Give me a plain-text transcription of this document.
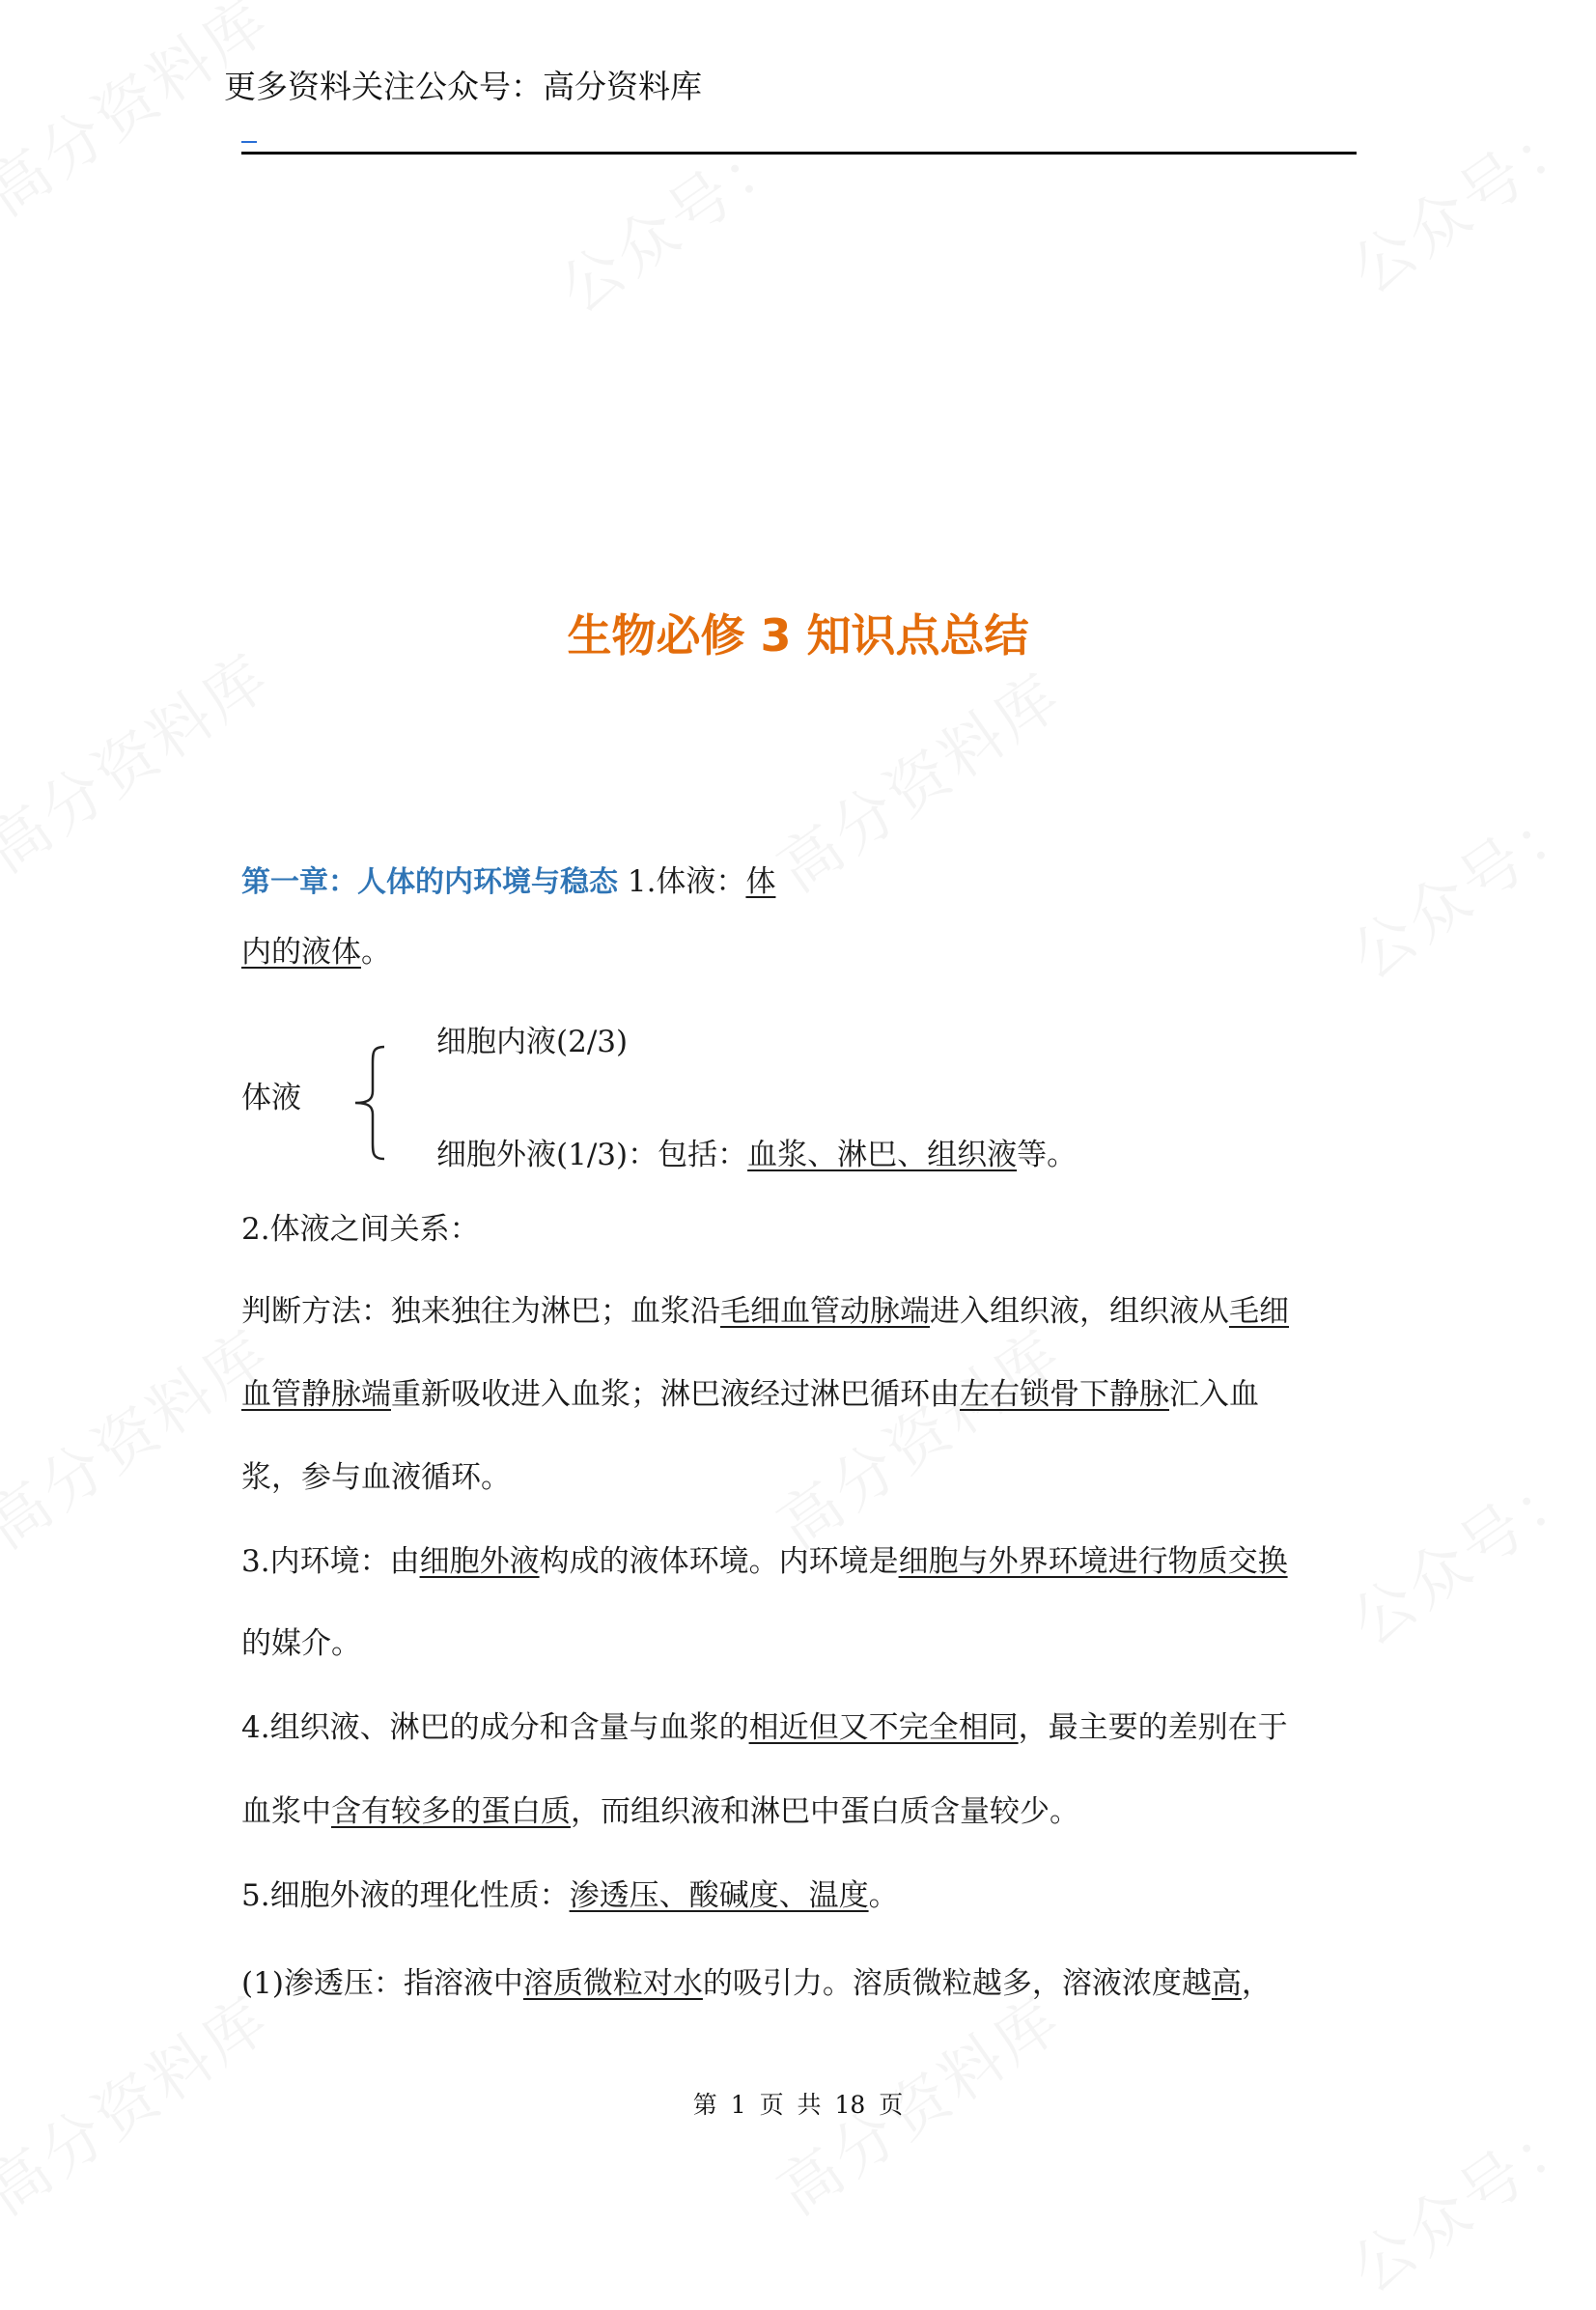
更多资料关注公众号：高分资料库
生物必修 3 知识点总结
第一章：人体的内环境与稳态 1.体液：体
内的液体。
细胞内液(2/3)
体液
细胞外液(1/3)：包括：血浆、淋巴、组织液等。
2.体液之间关系：
判断方法：独来独往为淋巴；血浆沿毛细血管动脉端进入组织液，组织液从毛细
血管静脉端重新吸收进入血浆；淋巴液经过淋巴循环由左右锁骨下静脉汇入血
浆，参与血液循环。
3.内环境：由细胞外液构成的液体环境。内环境是细胞与外界环境进行物质交换
的媒介。
4.组织液、淋巴的成分和含量与血浆的相近但又不完全相同，最主要的差别在于
血浆中含有较多的蛋白质，而组织液和淋巴中蛋白质含量较少。
5.细胞外液的理化性质：渗透压、酸碱度、温度。
(1)渗透压：指溶液中溶质微粒对水的吸引力。溶质微粒越多，溶液浓度越高，
第 1 页 共 18 页
